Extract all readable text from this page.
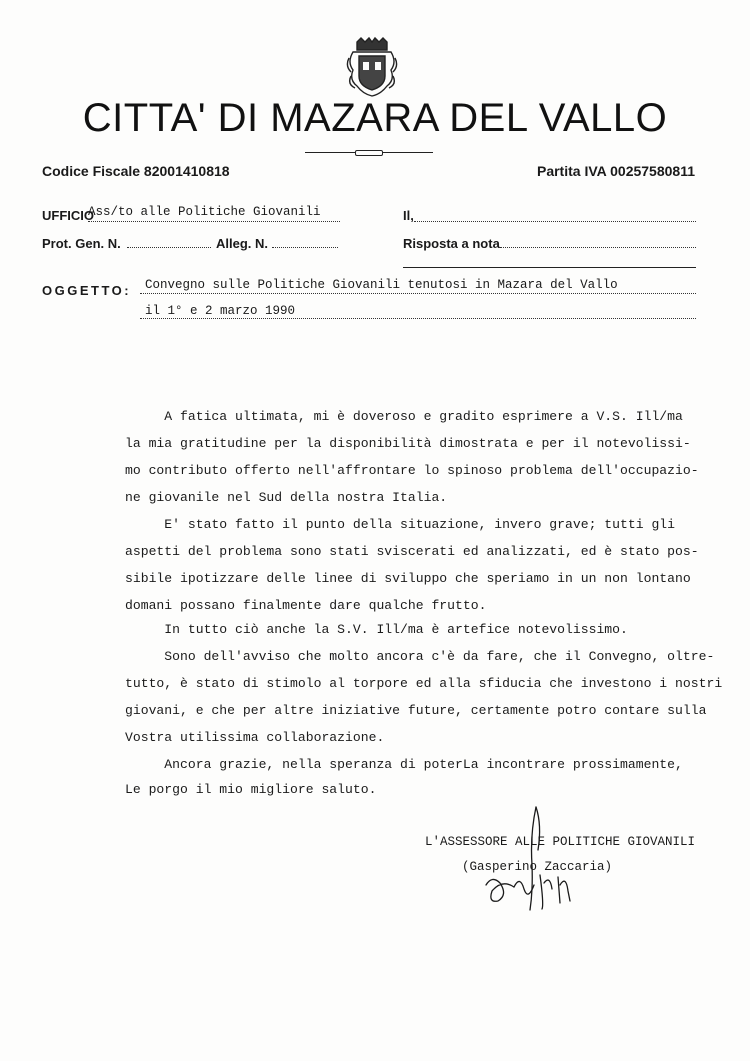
CITTA' DI MAZARA DEL VALLO
Codice Fiscale 82001410818	Partita IVA 00257580811
UFFICIO
Ass/to alle Politiche Giovanili	Il,
Prot. Gen. N.	Alleg. N.	Risposta a nota
OGGETTO: Convegno sulle Politiche Giovanili tenutosi in Mazara del Vallo
il 1° e 2 marzo 1990
A fatica ultimata, mi è doveroso e gradito esprimere a V.S. Ill/ma
la mia gratitudine per la disponibilità dimostrata e per il notevolissi-
mo contributo offerto nell'affrontare lo spinoso problema dell'occupazio-
ne giovanile nel Sud della nostra Italia.
E' stato fatto il punto della situazione, invero grave; tutti gli
aspetti del problema sono stati sviscerati ed analizzati, ed è stato pos-
sibile ipotizzare delle linee di sviluppo che speriamo in un non lontano
domani possano finalmente dare qualche frutto.
In tutto ciò anche la S.V. Ill/ma è artefice notevolissimo.
Sono dell'avviso che molto ancora c'è da fare, che il Convegno, oltre-
tutto, è stato di stimolo al torpore ed alla sfiducia che investono i nostri
giovani, e che per altre iniziative future, certamente potro contare sulla
Vostra utilissima collaborazione.
Ancora grazie, nella speranza di poterLa incontrare prossimamente,
Le porgo il mio migliore saluto.
L'ASSESSORE ALLE POLITICHE GIOVANILI
(Gasperino Zaccaria)
